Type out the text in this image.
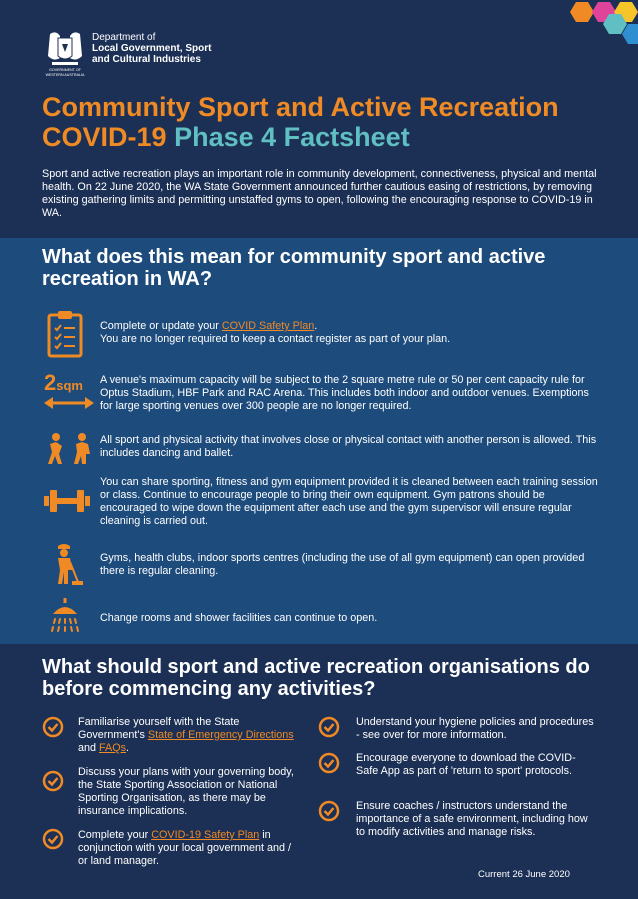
GOVERNMENT OF
WESTERN AUSTRALIA
Department of
Local Government, Sport
and Cultural Industries
Community Sport and Active Recreation
COVID-19 Phase 4 Factsheet
Sport and active recreation plays an important role in community development, connectiveness, physical and mental health. On 22 June 2020, the WA State Government announced further cautious easing of restrictions, by removing existing gathering limits and permitting unstaffed gyms to open, following the encouraging response to COVID-19 in WA.
What does this mean for community sport and active recreation in WA?
Complete or update your COVID Safety Plan.
You are no longer required to keep a contact register as part of your plan.
2sqm	A venue's maximum capacity will be subject to the 2 square metre rule or 50 per cent capacity rule for Optus Stadium, HBF Park and RAC Arena. This includes both indoor and outdoor venues. Exemptions for large sporting venues over 300 people are no longer required.
All sport and physical activity that involves close or physical contact with another person is allowed. This includes dancing and ballet.
You can share sporting, fitness and gym equipment provided it is cleaned between each training session or class. Continue to encourage people to bring their own equipment. Gym patrons should be encouraged to wipe down the equipment after each use and the gym supervisor will ensure regular cleaning is carried out.
Gyms, health clubs, indoor sports centres (including the use of all gym equipment) can open provided there is regular cleaning.
Change rooms and shower facilities can continue to open.
What should sport and active recreation organisations do before commencing any activities?
Familiarise yourself with the State Government's State of Emergency Directions and FAQs.
Discuss your plans with your governing body, the State Sporting Association or National Sporting Organisation, as there may be insurance implications.
Complete your COVID-19 Safety Plan in conjunction with your local government and / or land manager.
Understand your hygiene policies and procedures - see over for more information.
Encourage everyone to download the COVID-Safe App as part of 'return to sport' protocols.
Ensure coaches / instructors understand the importance of a safe environment, including how to modify activities and manage risks.
Current 26 June 2020
